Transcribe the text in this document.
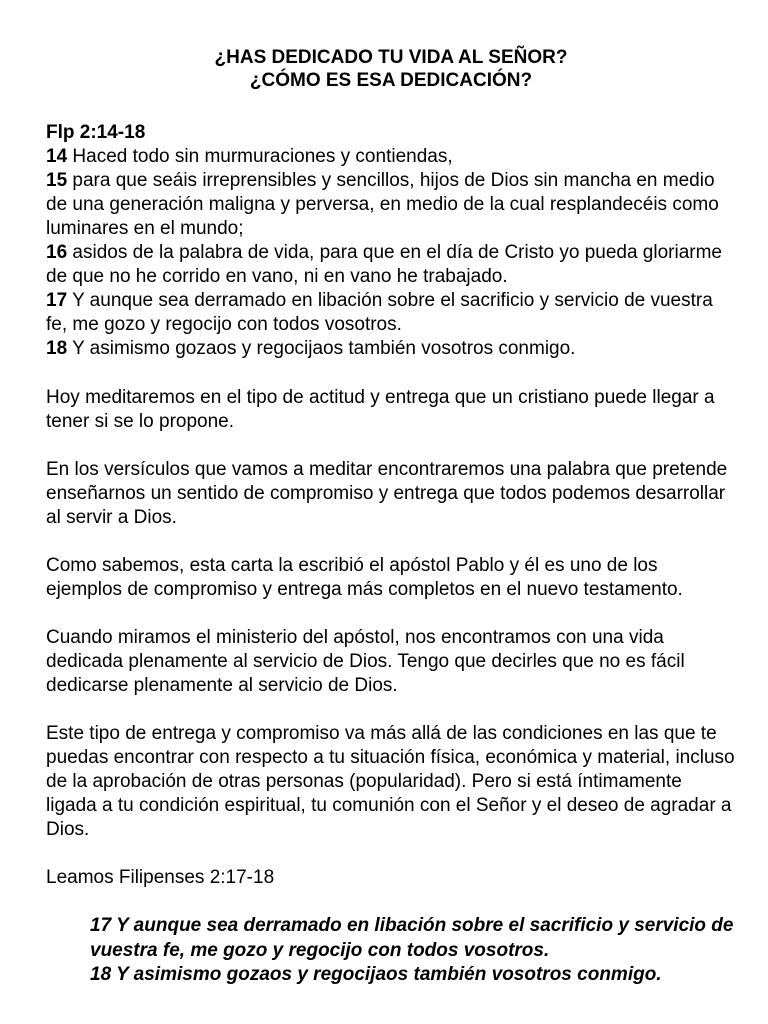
¿HAS DEDICADO TU VIDA AL SEÑOR?
¿CÓMO ES ESA DEDICACIÓN?
Flp 2:14-18
14 Haced todo sin murmuraciones y contiendas,
15 para que seáis irreprensibles y sencillos, hijos de Dios sin mancha en medio de una generación maligna y perversa, en medio de la cual resplandecéis como luminares en el mundo;
16 asidos de la palabra de vida, para que en el día de Cristo yo pueda gloriarme de que no he corrido en vano, ni en vano he trabajado.
17 Y aunque sea derramado en libación sobre el sacrificio y servicio de vuestra fe, me gozo y regocijo con todos vosotros.
18 Y asimismo gozaos y regocijaos también vosotros conmigo.

Hoy meditaremos en el tipo de actitud y entrega que un cristiano puede llegar a tener si se lo propone.

En los versículos que vamos a meditar encontraremos una palabra que pretende enseñarnos un sentido de compromiso y entrega que todos podemos desarrollar al servir a Dios.

Como sabemos, esta carta la escribió el apóstol Pablo y él es uno de los ejemplos de compromiso y entrega más completos en el nuevo testamento.

Cuando miramos el ministerio del apóstol, nos encontramos con una vida dedicada plenamente al servicio de Dios. Tengo que decirles que no es fácil dedicarse plenamente al servicio de Dios.

Este tipo de entrega y compromiso va más allá de las condiciones en las que te puedas encontrar con respecto a tu situación física, económica y material, incluso de la aprobación de otras personas (popularidad). Pero si está íntimamente ligada a tu condición espiritual, tu comunión con el Señor y el deseo de agradar a Dios.

Leamos Filipenses 2:17-18

17 Y aunque sea derramado en libación sobre el sacrificio y servicio de vuestra fe, me gozo y regocijo con todos vosotros.
18 Y asimismo gozaos y regocijaos también vosotros conmigo.
